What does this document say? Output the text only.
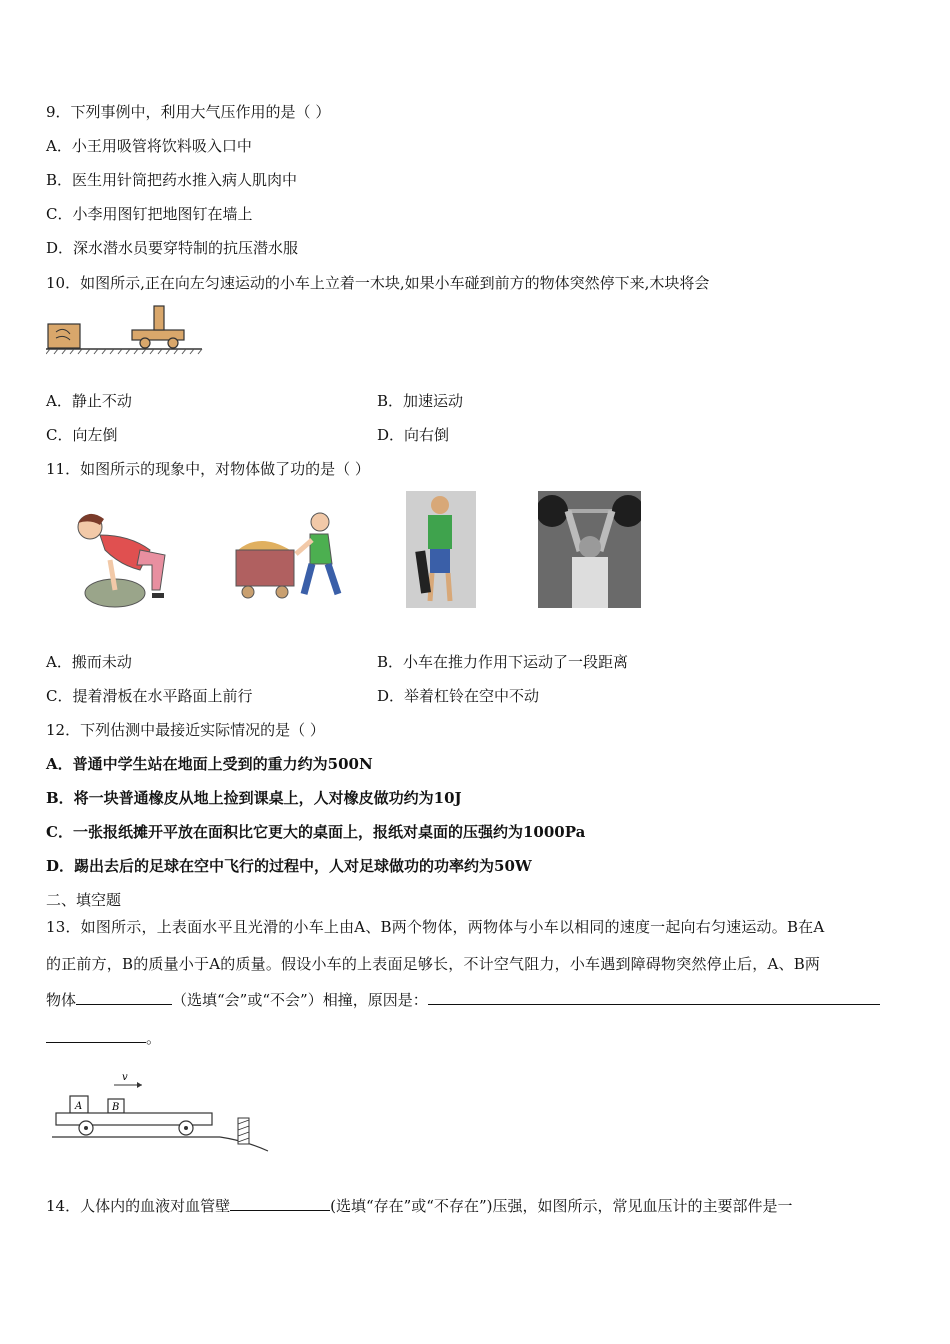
9．下列事例中，利用大气压作用的是（ ）
A．小王用吸管将饮料吸入口中
B．医生用针筒把药水推入病人肌肉中
C．小李用图钉把地图钉在墙上
D．深水潜水员要穿特制的抗压潜水服
10．如图所示,正在向左匀速运动的小车上立着一木块,如果小车碰到前方的物体突然停下来,木块将会
A．静止不动	B．加速运动
C．向左倒	D．向右倒
11．如图所示的现象中，对物体做了功的是（ ）
A．搬而未动	B．小车在推力作用下运动了一段距离
C．提着滑板在水平路面上前行	D．举着杠铃在空中不动
12．下列估测中最接近实际情况的是（ ）
A．普通中学生站在地面上受到的重力约为500N
B．将一块普通橡皮从地上捡到课桌上，人对橡皮做功约为10J
C．一张报纸摊开平放在面积比它更大的桌面上，报纸对桌面的压强约为1000Pa
D．踢出去后的足球在空中飞行的过程中，人对足球做功的功率约为50W
二、填空题
13．如图所示，上表面水平且光滑的小车上由A、B两个物体，两物体与小车以相同的速度一起向右匀速运动。B在A
的正前方，B的质量小于A的质量。假设小车的上表面足够长，不计空气阻力，小车遇到障碍物突然停止后，A、B两
物体	（选填“会”或“不会”）相撞，原因是：
。
v
A	B
14．人体内的血液对血管壁	(选填“存在”或“不存在”)压强，如图所示，常见血压计的主要部件是一
